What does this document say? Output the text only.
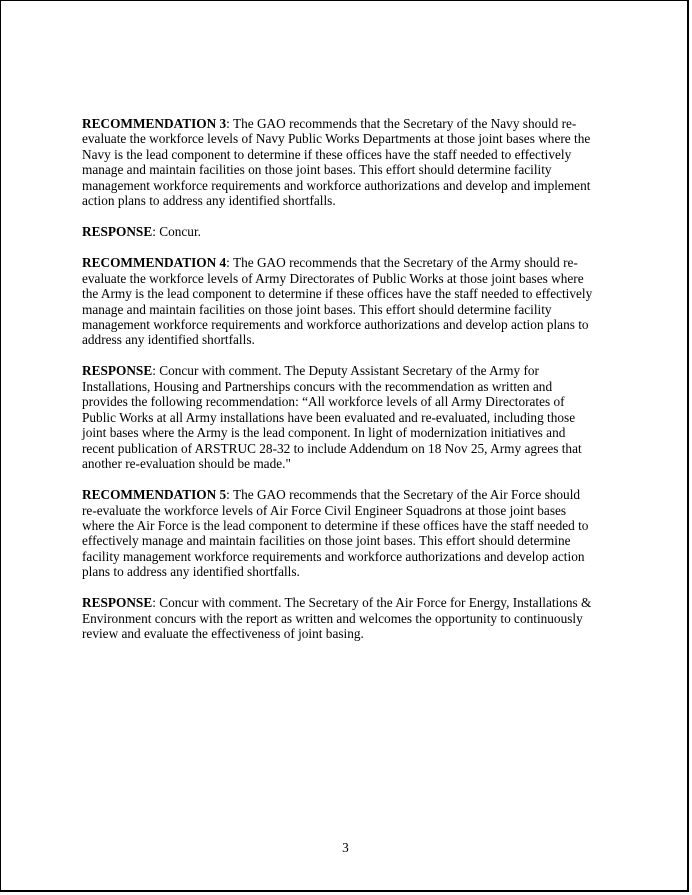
RECOMMENDATION 3: The GAO recommends that the Secretary of the Navy should re-
evaluate the workforce levels of Navy Public Works Departments at those joint bases where the
Navy is the lead component to determine if these offices have the staff needed to effectively
manage and maintain facilities on those joint bases. This effort should determine facility
management workforce requirements and workforce authorizations and develop and implement
action plans to address any identified shortfalls.
RESPONSE: Concur.
RECOMMENDATION 4: The GAO recommends that the Secretary of the Army should re-
evaluate the workforce levels of Army Directorates of Public Works at those joint bases where
the Army is the lead component to determine if these offices have the staff needed to effectively
manage and maintain facilities on those joint bases. This effort should determine facility
management workforce requirements and workforce authorizations and develop action plans to
address any identified shortfalls.
RESPONSE: Concur with comment. The Deputy Assistant Secretary of the Army for
Installations, Housing and Partnerships concurs with the recommendation as written and
provides the following recommendation: “All workforce levels of all Army Directorates of
Public Works at all Army installations have been evaluated and re-evaluated, including those
joint bases where the Army is the lead component. In light of modernization initiatives and
recent publication of ARSTRUC 28-32 to include Addendum on 18 Nov 25, Army agrees that
another re-evaluation should be made."
RECOMMENDATION 5: The GAO recommends that the Secretary of the Air Force should
re-evaluate the workforce levels of Air Force Civil Engineer Squadrons at those joint bases
where the Air Force is the lead component to determine if these offices have the staff needed to
effectively manage and maintain facilities on those joint bases. This effort should determine
facility management workforce requirements and workforce authorizations and develop action
plans to address any identified shortfalls.
RESPONSE: Concur with comment. The Secretary of the Air Force for Energy, Installations &
Environment concurs with the report as written and welcomes the opportunity to continuously
review and evaluate the effectiveness of joint basing.
3
